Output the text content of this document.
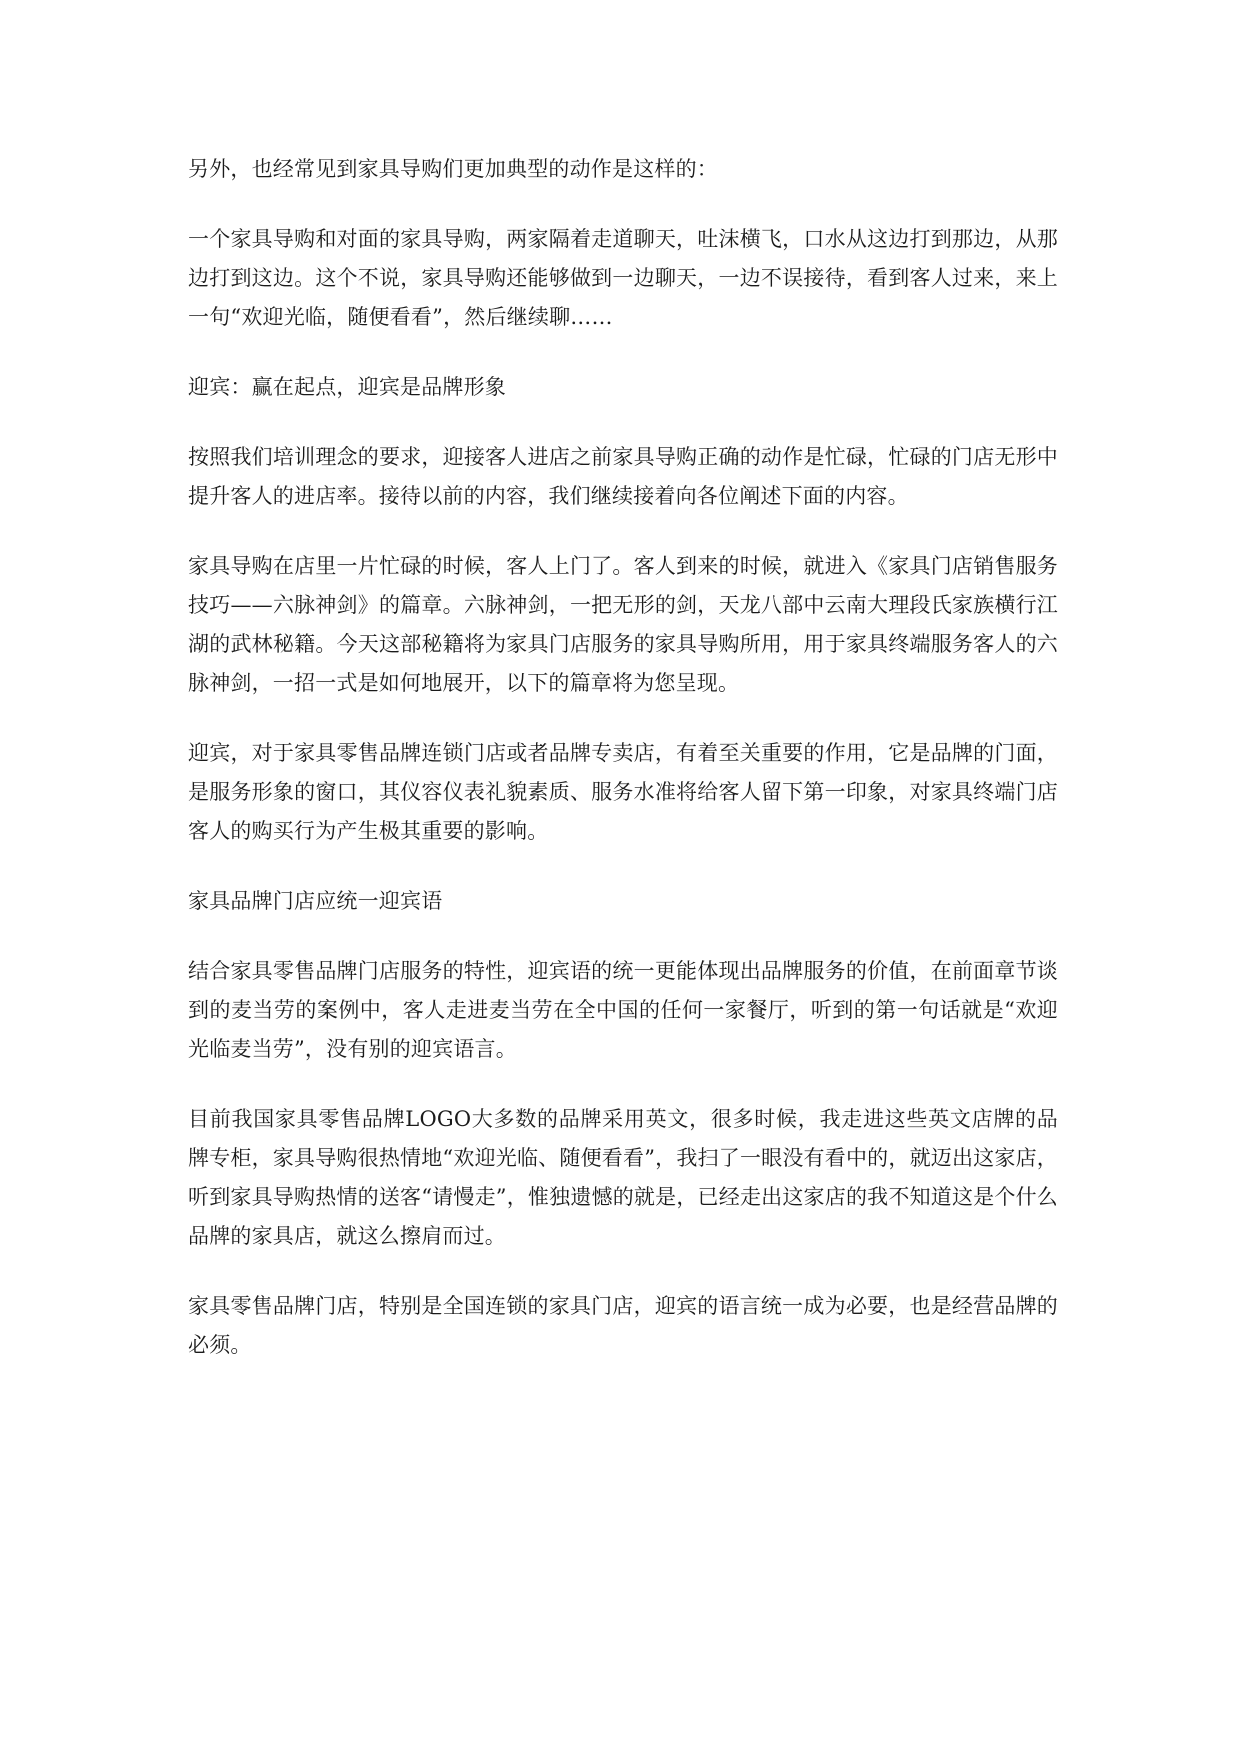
另外，也经常见到家具导购们更加典型的动作是这样的：

一个家具导购和对面的家具导购，两家隔着走道聊天，吐沫横飞，口水从这边打到那边，从那边打到这边。这个不说，家具导购还能够做到一边聊天，一边不误接待，看到客人过来，来上一句“欢迎光临，随便看看”，然后继续聊……

迎宾：赢在起点，迎宾是品牌形象

按照我们培训理念的要求，迎接客人进店之前家具导购正确的动作是忙碌，忙碌的门店无形中提升客人的进店率。接待以前的内容，我们继续接着向各位阐述下面的内容。

家具导购在店里一片忙碌的时候，客人上门了。客人到来的时候，就进入《家具门店销售服务技巧——六脉神剑》的篇章。六脉神剑，一把无形的剑，天龙八部中云南大理段氏家族横行江湖的武林秘籍。今天这部秘籍将为家具门店服务的家具导购所用，用于家具终端服务客人的六脉神剑，一招一式是如何地展开，以下的篇章将为您呈现。

迎宾，对于家具零售品牌连锁门店或者品牌专卖店，有着至关重要的作用，它是品牌的门面，是服务形象的窗口，其仪容仪表礼貌素质、服务水准将给客人留下第一印象，对家具终端门店客人的购买行为产生极其重要的影响。

家具品牌门店应统一迎宾语

结合家具零售品牌门店服务的特性，迎宾语的统一更能体现出品牌服务的价值，在前面章节谈到的麦当劳的案例中，客人走进麦当劳在全中国的任何一家餐厅，听到的第一句话就是“欢迎光临麦当劳”，没有别的迎宾语言。

目前我国家具零售品牌LOGO大多数的品牌采用英文，很多时候，我走进这些英文店牌的品牌专柜，家具导购很热情地“欢迎光临、随便看看”，我扫了一眼没有看中的，就迈出这家店，听到家具导购热情的送客“请慢走”，惟独遗憾的就是，已经走出这家店的我不知道这是个什么品牌的家具店，就这么擦肩而过。

家具零售品牌门店，特别是全国连锁的家具门店，迎宾的语言统一成为必要，也是经营品牌的必须。
